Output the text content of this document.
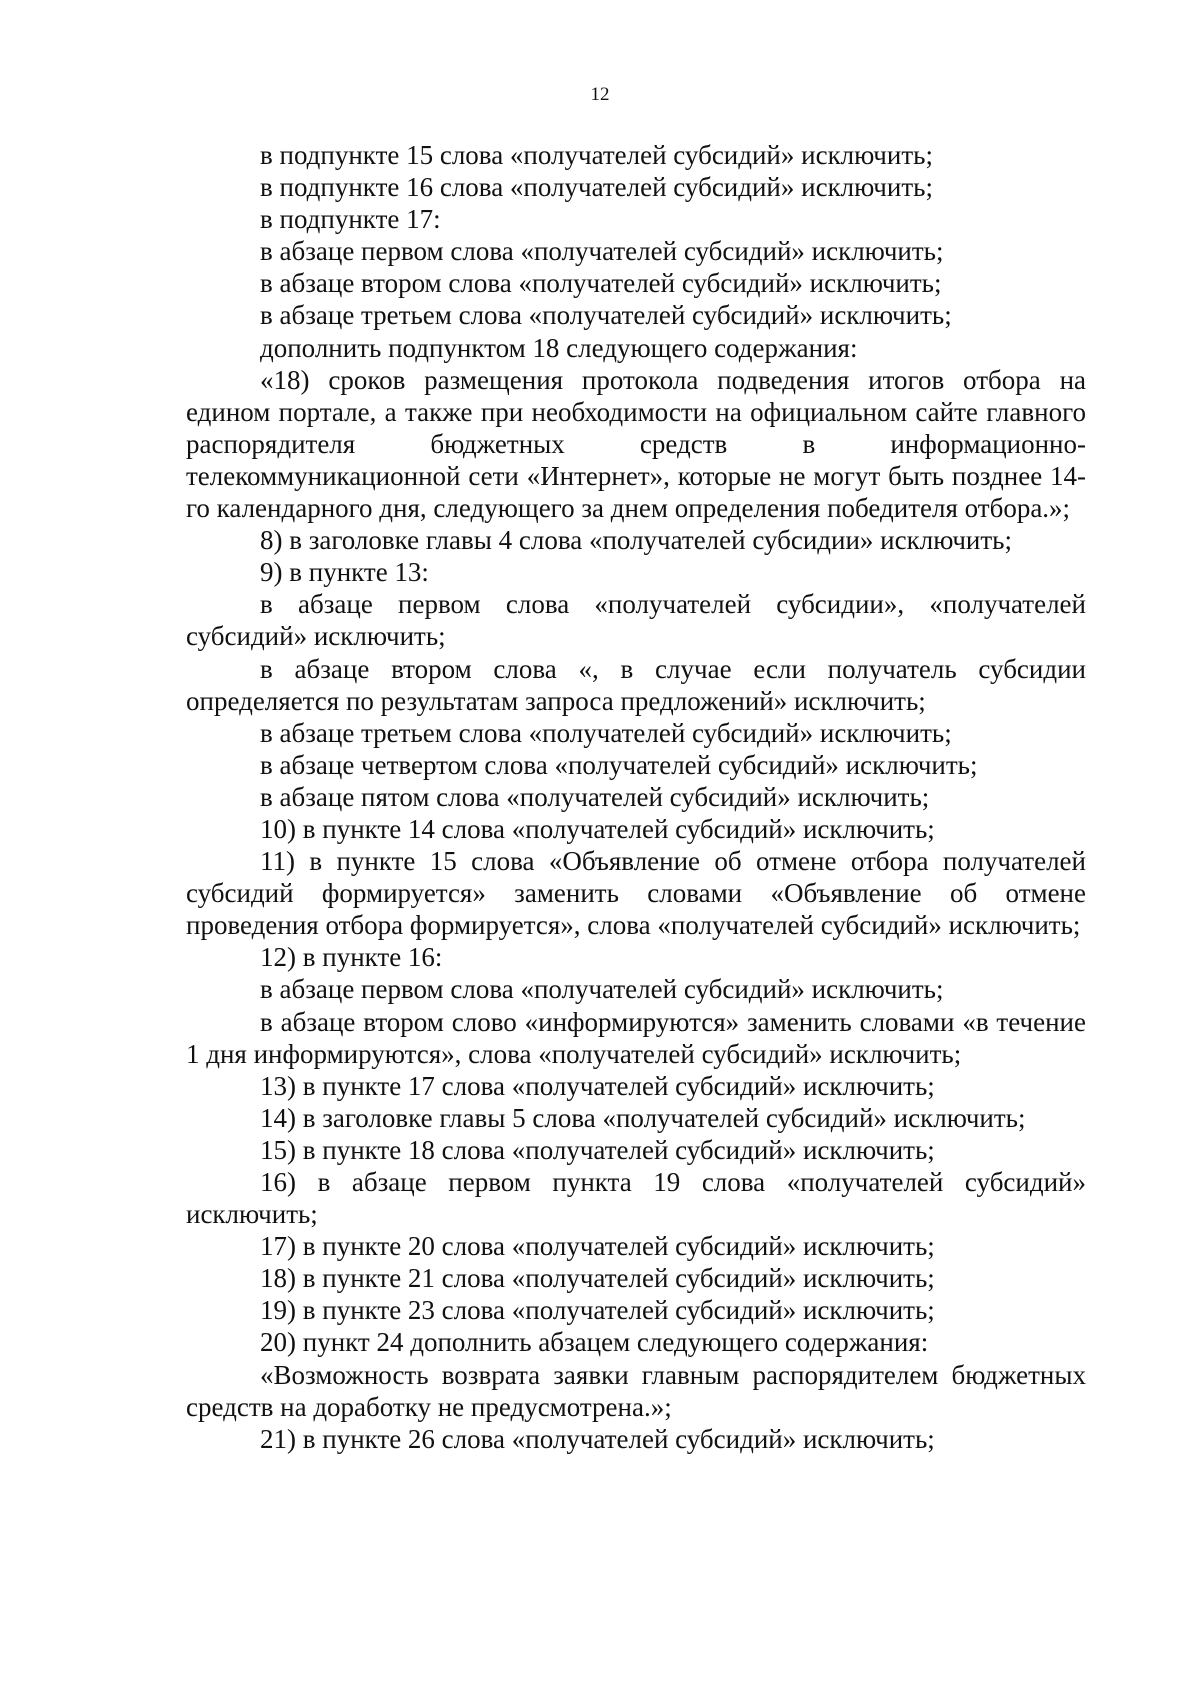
12

в подпункте 15 слова «получателей субсидий» исключить;

в подпункте 16 слова «получателей субсидий» исключить;

в подпункте 17:

в абзаце первом слова «получателей субсидий» исключить;

в абзаце втором слова «получателей субсидий» исключить;

в абзаце третьем слова «получателей субсидий» исключить;

дополнить подпунктом 18 следующего содержания:

«18) сроков размещения протокола подведения итогов отбора на едином портале, а также при необходимости на официальном сайте главного распорядителя бюджетных средств в информационно-телекоммуникационной сети «Интернет», которые не могут быть позднее 14-го календарного дня, следующего за днем определения победителя отбора.»;

8) в заголовке главы 4 слова «получателей субсидии» исключить;

9) в пункте 13:

в абзаце первом слова «получателей субсидии», «получателей субсидий» исключить;

в абзаце втором слова «, в случае если получатель субсидии определяется по результатам запроса предложений» исключить;

в абзаце третьем слова «получателей субсидий» исключить;

в абзаце четвертом слова «получателей субсидий» исключить;

в абзаце пятом слова «получателей субсидий» исключить;

10) в пункте 14 слова «получателей субсидий» исключить;

11) в пункте 15 слова «Объявление об отмене отбора получателей субсидий формируется» заменить словами «Объявление об отмене проведения отбора формируется», слова «получателей субсидий» исключить;

12) в пункте 16:

в абзаце первом слова «получателей субсидий» исключить;

в абзаце втором слово «информируются» заменить словами «в течение 1 дня информируются», слова «получателей субсидий» исключить;

13) в пункте 17 слова «получателей субсидий» исключить;

14) в заголовке главы 5 слова «получателей субсидий» исключить;

15) в пункте 18 слова «получателей субсидий» исключить;

16) в абзаце первом пункта 19 слова «получателей субсидий» исключить;

17) в пункте 20 слова «получателей субсидий» исключить;

18) в пункте 21 слова «получателей субсидий» исключить;

19) в пункте 23 слова «получателей субсидий» исключить;

20) пункт 24 дополнить абзацем следующего содержания:

«Возможность возврата заявки главным распорядителем бюджетных средств на доработку не предусмотрена.»;

21) в пункте 26 слова «получателей субсидий» исключить;
